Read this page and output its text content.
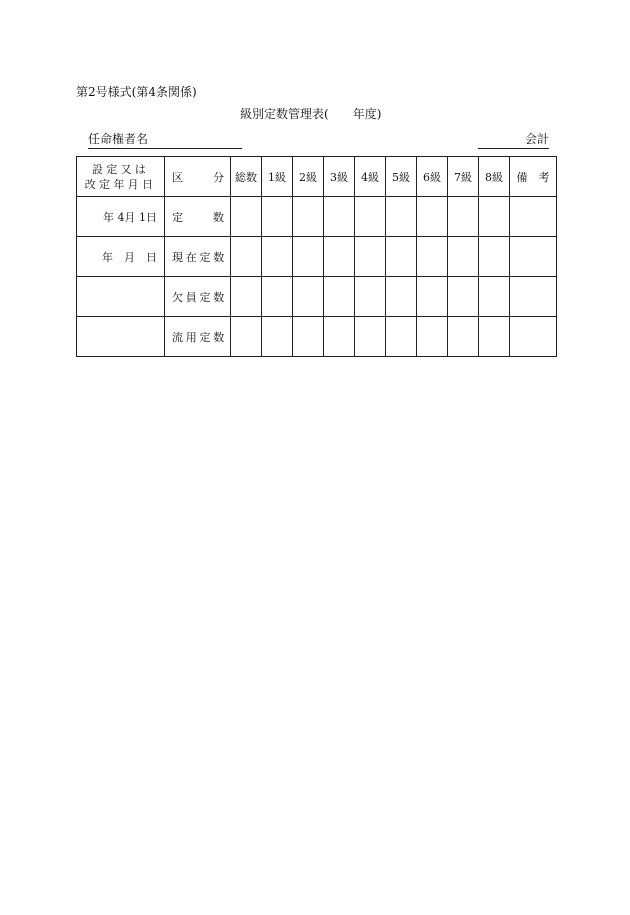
第2号様式(第4条関係)
級別定数管理表( 年度)
任命権者名	会計
設定又は
改定年月日	区 分	総数	1級	2級	3級	4級	5級	6級	7級	8級	備　考
年 4月 1日	定 数										

年　月　日	現在定数										
	欠員定数										
	流用定数										
